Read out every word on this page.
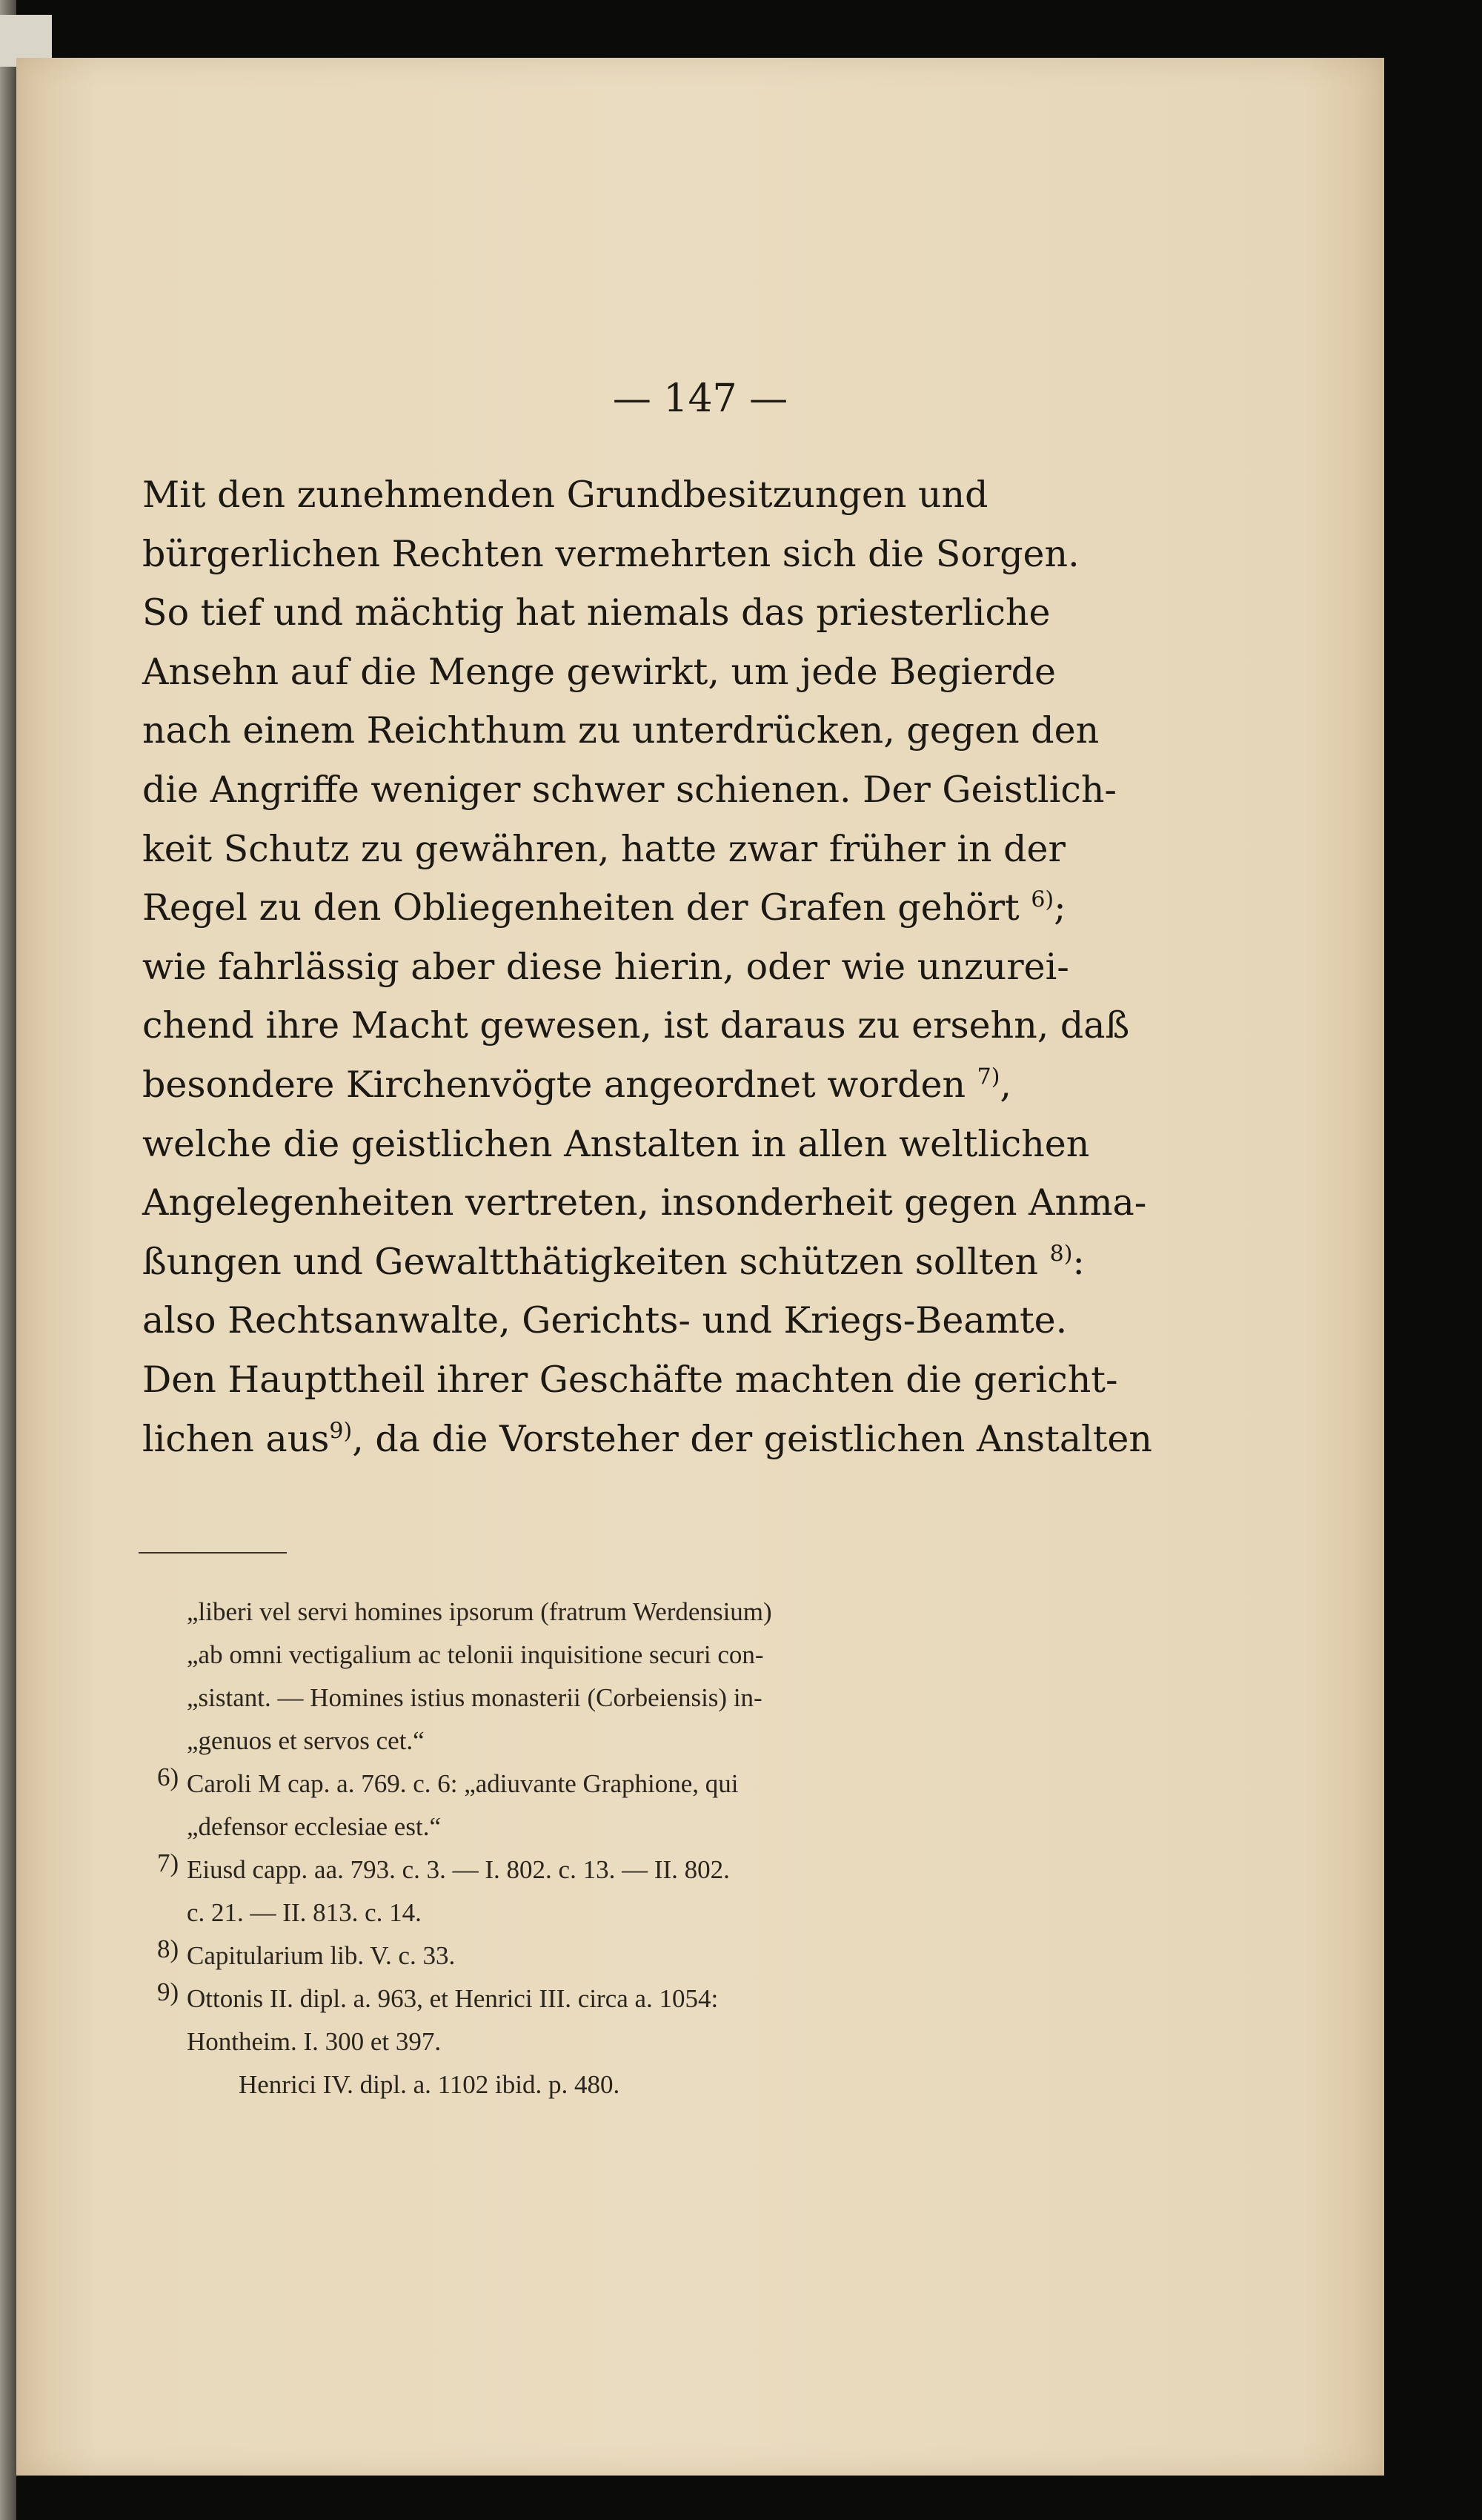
— 147 —
Mit den zunehmenden Grundbesitzungen und
bürgerlichen Rechten vermehrten sich die Sorgen.
So tief und mächtig hat niemals das priesterliche
Ansehn auf die Menge gewirkt, um jede Begierde
nach einem Reichthum zu unterdrücken, gegen den
die Angriffe weniger schwer schienen. Der Geistlich-
keit Schutz zu gewähren, hatte zwar früher in der
Regel zu den Obliegenheiten der Grafen gehört $^{6)}$;
wie fahrlässig aber diese hierin, oder wie unzurei-
chend ihre Macht gewesen, ist daraus zu ersehn, daß
besondere Kirchenvögte angeordnet worden $^{7)}$,
welche die geistlichen Anstalten in allen weltlichen
Angelegenheiten vertreten, insonderheit gegen Anma-
ßungen und Gewaltthätigkeiten schützen sollten $^{8)}$:
also Rechtsanwalte, Gerichts- und Kriegs-Beamte.
Den Haupttheil ihrer Geschäfte machten die gericht-
lichen aus$^{9)}$, da die Vorsteher der geistlichen Anstalten
„liberi vel servi homines ipsorum (fratrum Werdensium)
„ab omni vectigalium ac telonii inquisitione securi con-
„sistant. — Homines istius monasterii (Corbeiensis) in-
„genuos et servos cet.“
6) Caroli M cap. a. 769. c. 6: „adiuvante Graphione, qui
„defensor ecclesiae est.“
7) Eiusd capp. aa. 793. c. 3. — I. 802. c. 13. — II. 802.
c. 21. — II. 813. c. 14.
8) Capitularium lib. V. c. 33.
9) Ottonis II. dipl. a. 963, et Henrici III. circa a. 1054:
Hontheim. I. 300 et 397.
Henrici IV. dipl. a. 1102 ibid. p. 480.
